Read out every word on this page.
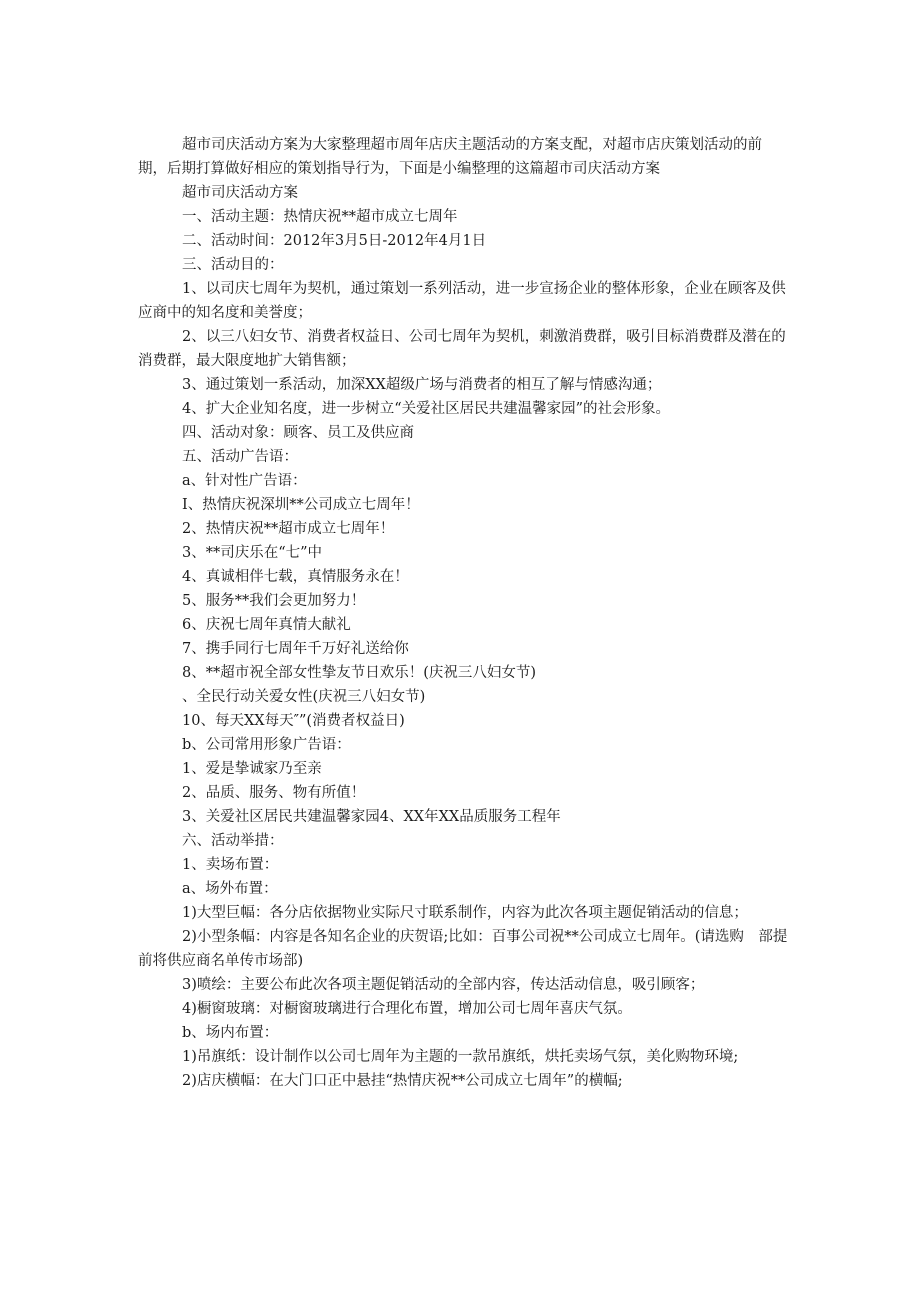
超市司庆活动方案为大家整理超市周年店庆主题活动的方案支配，对超市店庆策划活动的前期，后期打算做好相应的策划指导行为，下面是小编整理的这篇超市司庆活动方案

超市司庆活动方案

一、活动主题：热情庆祝**超市成立七周年

二、活动时间：2012年3月5日-2012年4月1日

三、活动目的：

1、以司庆七周年为契机，通过策划一系列活动，进一步宣扬企业的整体形象，企业在顾客及供应商中的知名度和美誉度；

2、以三八妇女节、消费者权益日、公司七周年为契机，刺激消费群，吸引目标消费群及潜在的消费群，最大限度地扩大销售额；

3、通过策划一系活动，加深XX超级广场与消费者的相互了解与情感沟通；

4、扩大企业知名度，进一步树立“关爱社区居民共建温馨家园”的社会形象。

四、活动对象：顾客、员工及供应商

五、活动广告语：

a、针对性广告语：

I、热情庆祝深圳**公司成立七周年！

2、热情庆祝**超市成立七周年！

3、**司庆乐在“七”中

4、真诚相伴七载，真情服务永在！

5、服务**我们会更加努力！

6、庆祝七周年真情大献礼

7、携手同行七周年千万好礼送给你

8、**超市祝全部女性挚友节日欢乐！(庆祝三八妇女节)

、全民行动关爱女性(庆祝三八妇女节)

10、每天XX每天″”(消费者权益日)

b、公司常用形象广告语：

1、爱是挚诚家乃至亲

2、品质、服务、物有所值！

3、关爱社区居民共建温馨家园4、XX年XX品质服务工程年

六、活动举措：

1、卖场布置：

a、场外布置：

1)大型巨幅：各分店依据物业实际尺寸联系制作，内容为此次各项主题促销活动的信息；

2)小型条幅：内容是各知名企业的庆贺语;比如：百事公司祝**公司成立七周年。(请选购　部提前将供应商名单传市场部)

3)喷绘：主要公布此次各项主题促销活动的全部内容，传达活动信息，吸引顾客；

4)橱窗玻璃：对橱窗玻璃进行合理化布置，增加公司七周年喜庆气氛。

b、场内布置：

1)吊旗纸：设计制作以公司七周年为主题的一款吊旗纸，烘托卖场气氛，美化购物环境;

2)店庆横幅：在大门口正中悬挂“热情庆祝**公司成立七周年”的横幅;
